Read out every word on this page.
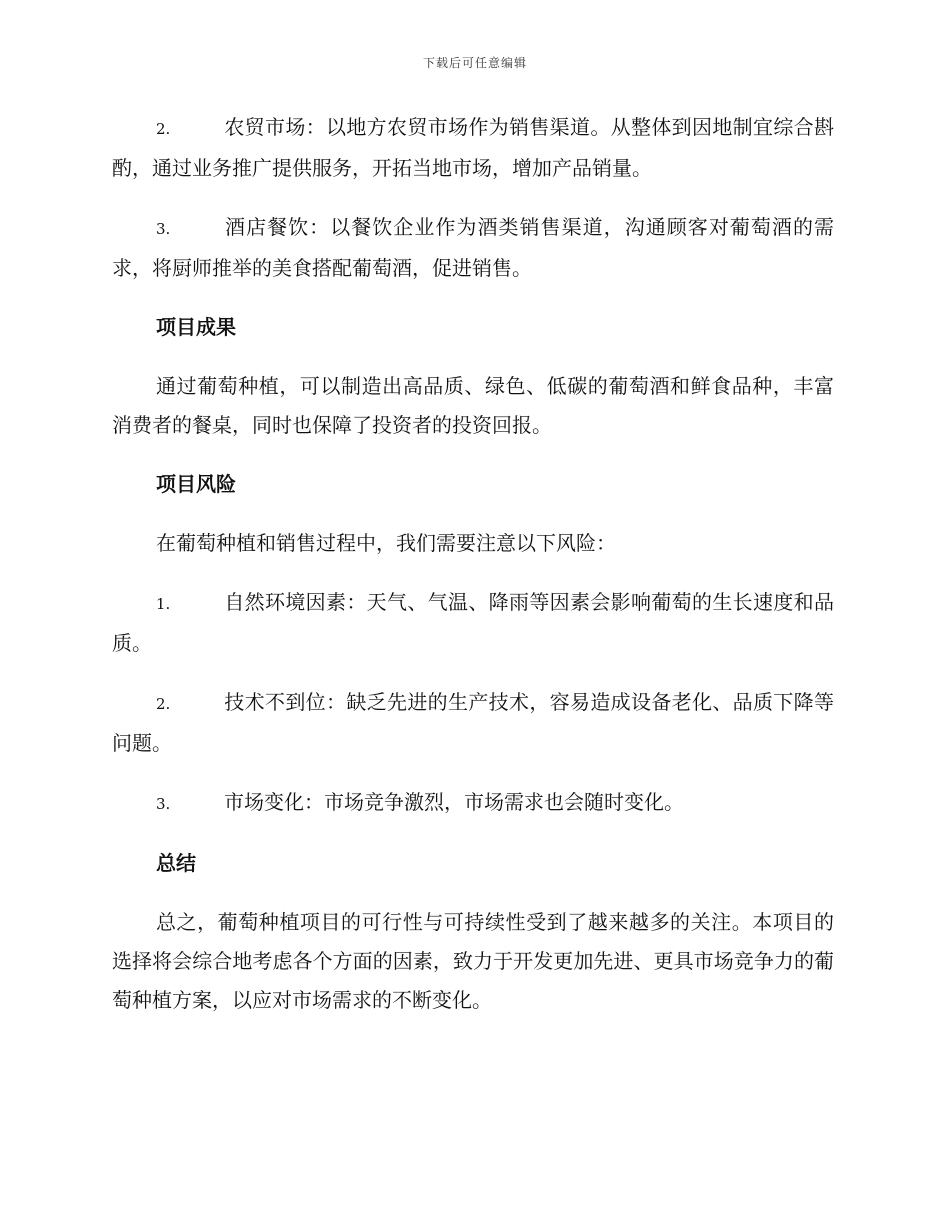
下载后可任意编辑

2.	农贸市场：以地方农贸市场作为销售渠道。从整体到因地制宜综合斟酌，通过业务推广提供服务，开拓当地市场，增加产品销量。

3.	酒店餐饮：以餐饮企业作为酒类销售渠道，沟通顾客对葡萄酒的需求，将厨师推举的美食搭配葡萄酒，促进销售。

项目成果

通过葡萄种植，可以制造出高品质、绿色、低碳的葡萄酒和鲜食品种，丰富消费者的餐桌，同时也保障了投资者的投资回报。

项目风险

在葡萄种植和销售过程中，我们需要注意以下风险：

1.	自然环境因素：天气、气温、降雨等因素会影响葡萄的生长速度和品质。

2.	技术不到位：缺乏先进的生产技术，容易造成设备老化、品质下降等问题。

3.	市场变化：市场竞争激烈，市场需求也会随时变化。

总结

总之，葡萄种植项目的可行性与可持续性受到了越来越多的关注。本项目的选择将会综合地考虑各个方面的因素，致力于开发更加先进、更具市场竞争力的葡萄种植方案，以应对市场需求的不断变化。
